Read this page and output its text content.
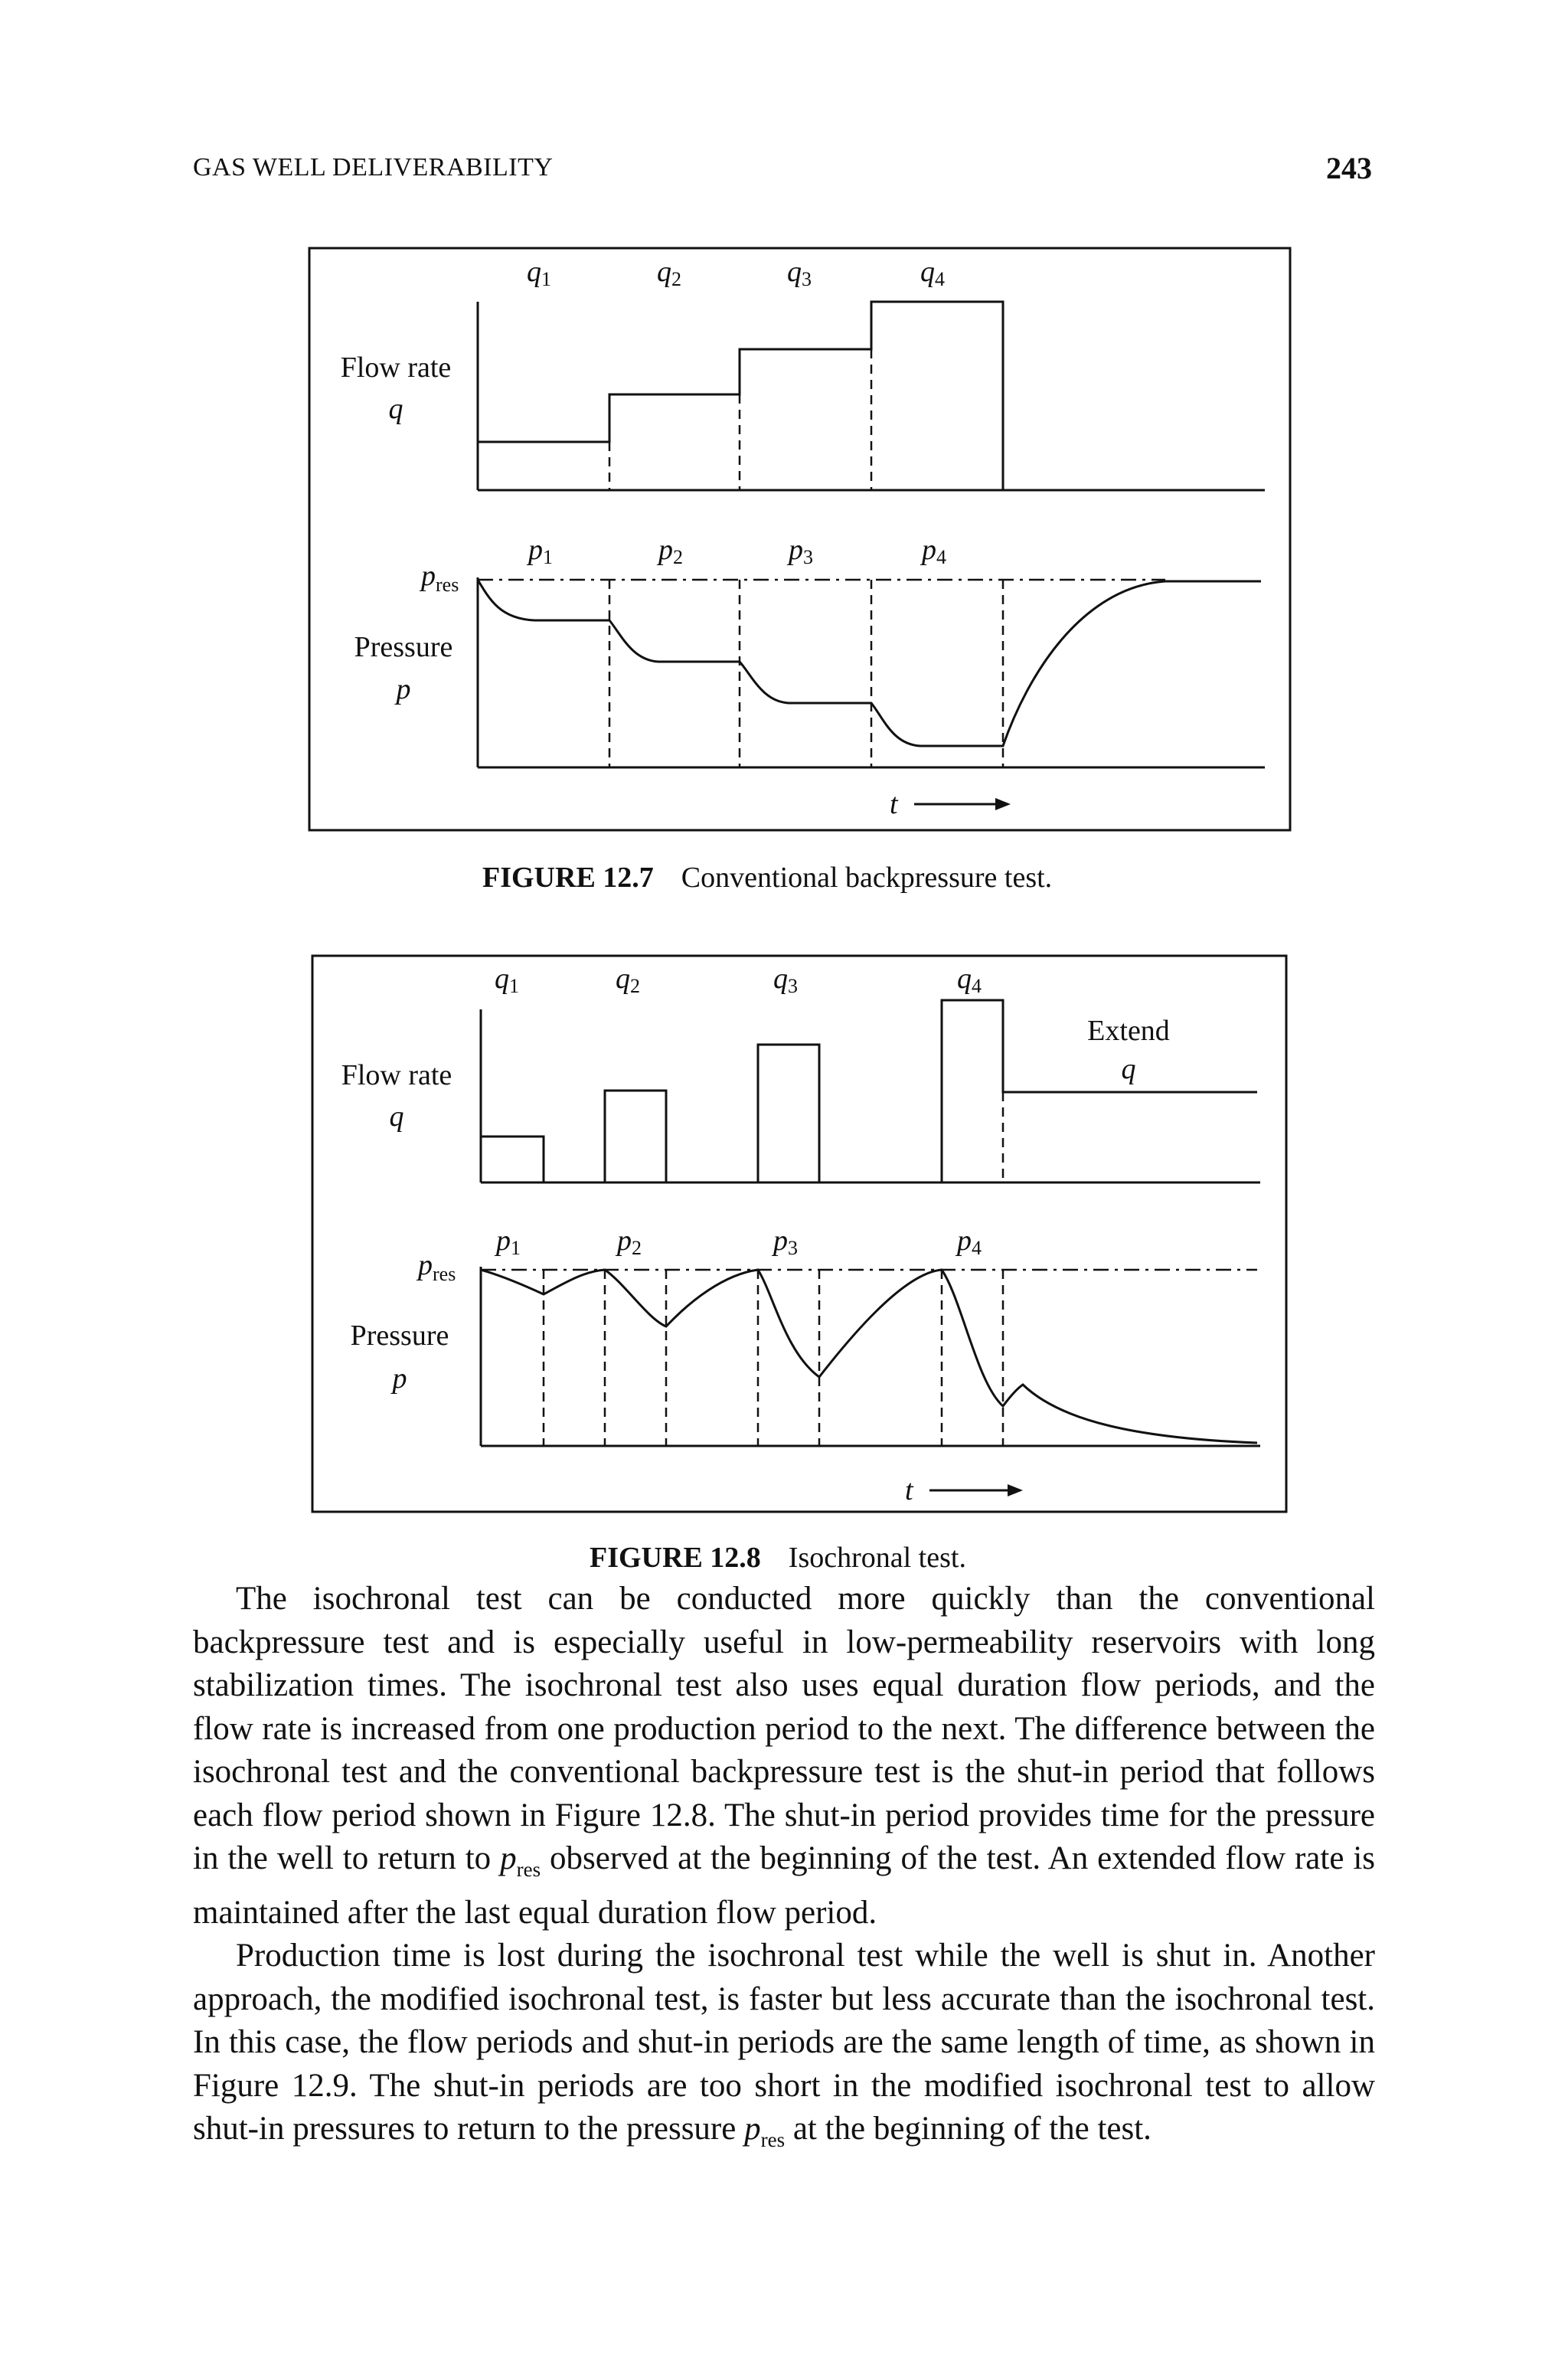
GAS WELL DELIVERABILITY	243
q1	q2	q3	q4
Flow rate
q
p1	p2	p3	p4
$p_{res}$
Pressure
p
t
FIGURE 12.7 Conventional backpressure test.
q1	q2	q3	q4
Flow rate
q
Extend
q
p1	p2	p3	p4
$p_{res}$
Pressure
p
t
FIGURE 12.8 Isochronal test.

The isochronal test can be conducted more quickly than the conventional backpressure test and is especially useful in low-permeability reservoirs with long stabilization times. The isochronal test also uses equal duration flow periods, and the flow rate is increased from one production period to the next. The difference between the isochronal test and the conventional backpressure test is the shut-in period that follows each flow period shown in Figure 12.8. The shut-in period provides time for the pressure in the well to return to $p_{res}$ observed at the beginning of the test. An extended flow rate is maintained after the last equal duration flow period.

Production time is lost during the isochronal test while the well is shut in. Another approach, the modified isochronal test, is faster but less accurate than the isochronal test. In this case, the flow periods and shut-in periods are the same length of time, as shown in Figure 12.9. The shut-in periods are too short in the modified isochronal test to allow shut-in pressures to return to the pressure $p_{res}$ at the beginning of the test.
